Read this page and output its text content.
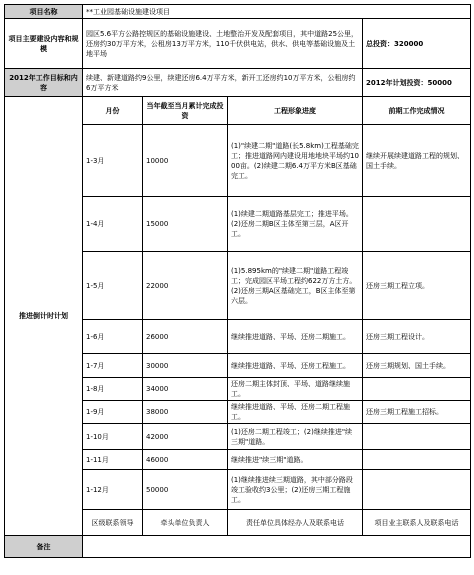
项目名称	**工业园基础设施建设项目			
项目主要建设内容和规模	园区5.6平方公路控规区的基础设施建设、土地整治开发及配套项目，其中道路25公里，还房约30万平方米，公租房13万平方米，110千伏供电站，供水、供电等基础设施及土地平场			总投资：320000
2012年工作目标和内容	续建、新建道路约9公里，续建还房6.4万平方米，新开工还房约10万平方米，公租房约6万平方米			2012年计划投资：50000
推进倒计时计划	月份	当年截至当月累计完成投资	工程形象进度	前期工作完成情况
	1-3月	10000	(1)"续建二期"道路(长5.8km)工程基础完工；推进道路网内建设用地地块平场约1000亩。(2)续建二期6.4万平方米B区基础完工。	继续开展续建道路工程的规划、国土手续。
	1-4月	15000	(1)续建二期道路基层完工；推进平场。(2)还房二期B区主体至第三层，A区开工。	
	1-5月	22000	(1)5.895km的"续建二期"道路工程竣工；完成园区平场工程约622万方土方。(2)还房三期A区基础完工，B区主体至第六层。	还房三期工程立项。
	1-6月	26000	继续推进道路、平场、还房二期施工。	还房三期工程设计。
	1-7月	30000	继续推进道路、平场、还房工程施工。	还房三期规划、国土手续。
	1-8月	34000	还房二期主体封顶、平场、道路继续施工。	
	1-9月	38000	继续推进道路、平场、还房二期工程施工。	还房三期工程施工招标。
	1-10月	42000	(1)还房二期工程竣工；(2)继续推进"续三期"道路。	
	1-11月	46000	继续推进"续三期"道路。	
	1-12月	50000	(1)继续推进续三期道路，其中部分路段竣工验收约3公里；(2)还房三期工程施工。	
	区级联系领导	牵头单位负责人	责任单位具体经办人及联系电话	项目业主联系人及联系电话
备注				
